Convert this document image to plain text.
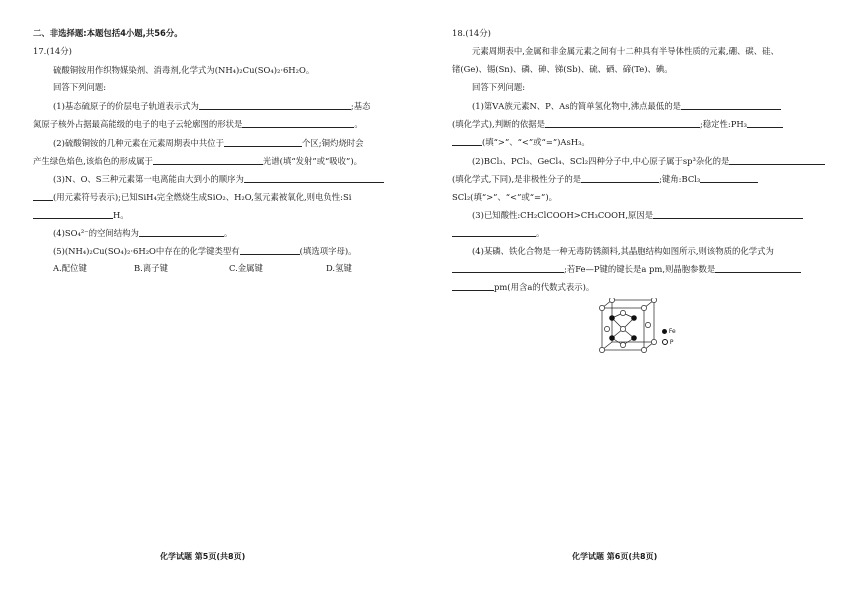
二、非选择题:本题包括4小题,共56分。
17.(14分)
硫酸铜铵用作织物媒染剂、消毒剂,化学式为(NH₄)₂Cu(SO₄)₂·6H₂O。
回答下列问题:
(1)基态硫原子的价层电子轨道表示式为	;基态
氮原子核外占据最高能级的电子的电子云轮廓图的形状是	。
(2)硫酸铜铵的几种元素在元素周期表中共位于	个区;铜灼烧时会
产生绿色焰色,该焰色的形成属于	光谱(填“发射”或“吸收”)。
(3)N、O、S三种元素第一电离能由大到小的顺序为
(用元素符号表示);已知SiH₄完全燃烧生成SiO₂、H₂O,氢元素被氧化,则电负性:Si
H。
(4)SO₄²⁻的空间结构为	。
(5)(NH₄)₂Cu(SO₄)₂·6H₂O中存在的化学键类型有	(填选项字母)。
A.配位键	B.离子键	C.金属键	D.氢键
化学试题 第5页(共8页)
18.(14分)
元素周期表中,金属和非金属元素之间有十二种具有半导体性质的元素,硼、碳、硅、
锗(Ge)、锡(Sn)、磷、砷、锑(Sb)、硫、硒、碲(Te)、碘。
回答下列问题:
(1)第ⅤA族元素N、P、As的简单氢化物中,沸点最低的是
(填化学式),判断的依据是	;稳定性:PH₃
(填“>”、“<”或“=”)AsH₃。
(2)BCl₃、PCl₃、GeCl₄、SCl₂四种分子中,中心原子属于sp³杂化的是
(填化学式,下同),是非极性分子的是	;键角:BCl₃
SCl₂(填“>”、“<”或“=”)。
(3)已知酸性:CH₂ClCOOH>CH₃COOH,原因是
。
(4)某磷、铁化合物是一种无毒防锈颜料,其晶胞结构如图所示,则该物质的化学式为
;若Fe—P键的键长是a pm,则晶胞参数是
pm(用含a的代数式表示)。
化学试题 第6页(共8页)
Fe
P
